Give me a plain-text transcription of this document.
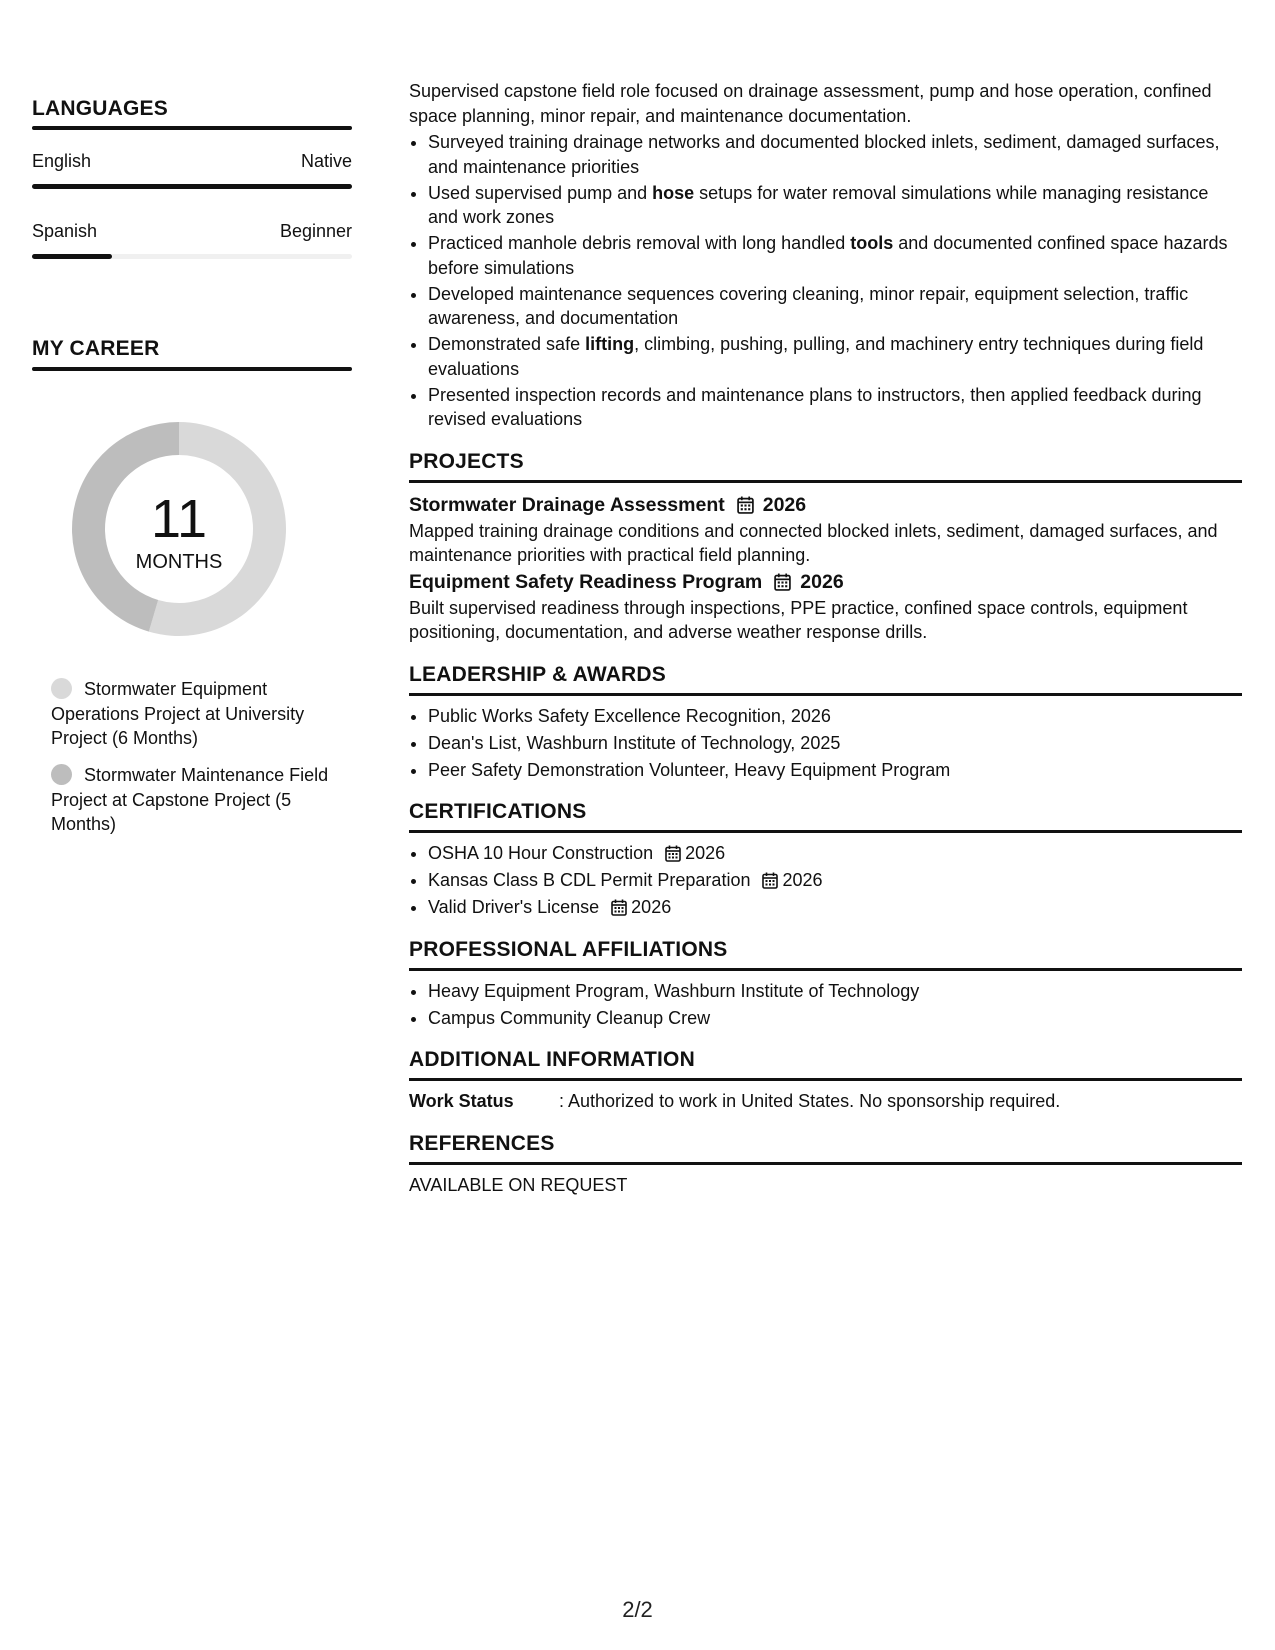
LANGUAGES
English	Native
Spanish	Beginner
MY CAREER
11
MONTHS
Stormwater Equipment Operations Project at University Project (6 Months)
Stormwater Maintenance Field Project at Capstone Project (5 Months)

Supervised capstone field role focused on drainage assessment, pump and hose operation, confined space planning, minor repair, and maintenance documentation.

• Surveyed training drainage networks and documented blocked inlets, sediment, damaged surfaces, and maintenance priorities
• Used supervised pump and hose setups for water removal simulations while managing resistance and work zones
• Practiced manhole debris removal with long handled tools and documented confined space hazards before simulations
• Developed maintenance sequences covering cleaning, minor repair, equipment selection, traffic awareness, and documentation
• Demonstrated safe lifting, climbing, pushing, pulling, and machinery entry techniques during field evaluations
• Presented inspection records and maintenance plans to instructors, then applied feedback during revised evaluations
PROJECTS
Stormwater Drainage Assessment 2026

Mapped training drainage conditions and connected blocked inlets, sediment, damaged surfaces, and maintenance priorities with practical field planning.

Equipment Safety Readiness Program 2026

Built supervised readiness through inspections, PPE practice, confined space controls, equipment positioning, documentation, and adverse weather response drills.

LEADERSHIP & AWARDS
• Public Works Safety Excellence Recognition, 2026
• Dean's List, Washburn Institute of Technology, 2025
• Peer Safety Demonstration Volunteer, Heavy Equipment Program
CERTIFICATIONS
• OSHA 10 Hour Construction 2026
• Kansas Class B CDL Permit Preparation 2026
• Valid Driver's License 2026
PROFESSIONAL AFFILIATIONS
• Heavy Equipment Program, Washburn Institute of Technology
• Campus Community Cleanup Crew
ADDITIONAL INFORMATION
Work Status	: Authorized to work in United States. No sponsorship required.
REFERENCES

AVAILABLE ON REQUEST

2/2
